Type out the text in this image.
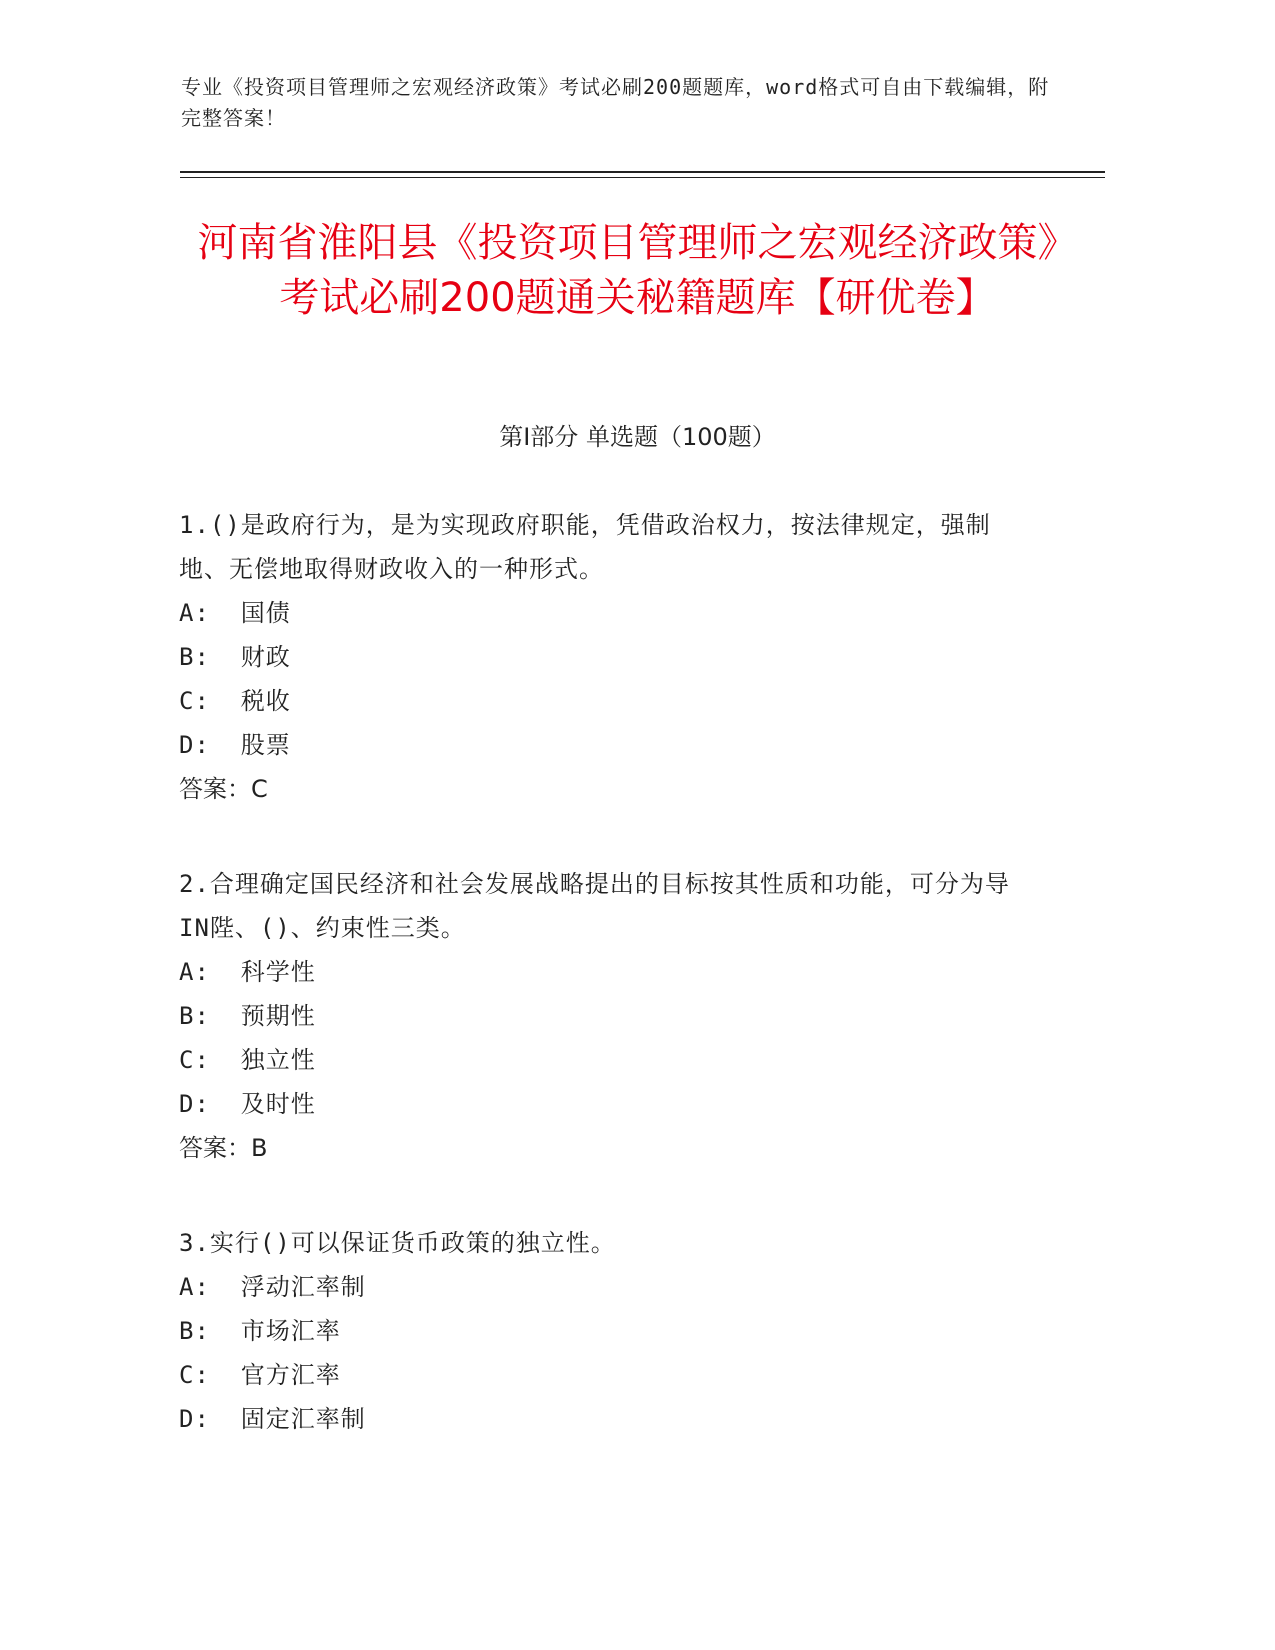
专业《投资项目管理师之宏观经济政策》考试必刷200题题库，word格式可自由下载编辑，附完整答案！
河南省淮阳县《投资项目管理师之宏观经济政策》考试必刷200题通关秘籍题库【研优卷】
第I部分 单选题（100题）

1.()是政府行为，是为实现政府职能，凭借政治权力，按法律规定，强制地、无偿地取得财政收入的一种形式。

A:  国债
B:  财政
C:  税收
D:  股票
答案：C

2.合理确定国民经济和社会发展战略提出的目标按其性质和功能，可分为导IN陛、()、约束性三类。

A:  科学性
B:  预期性
C:  独立性
D:  及时性
答案：B

3.实行()可以保证货币政策的独立性。

A:  浮动汇率制
B:  市场汇率
C:  官方汇率
D:  固定汇率制
